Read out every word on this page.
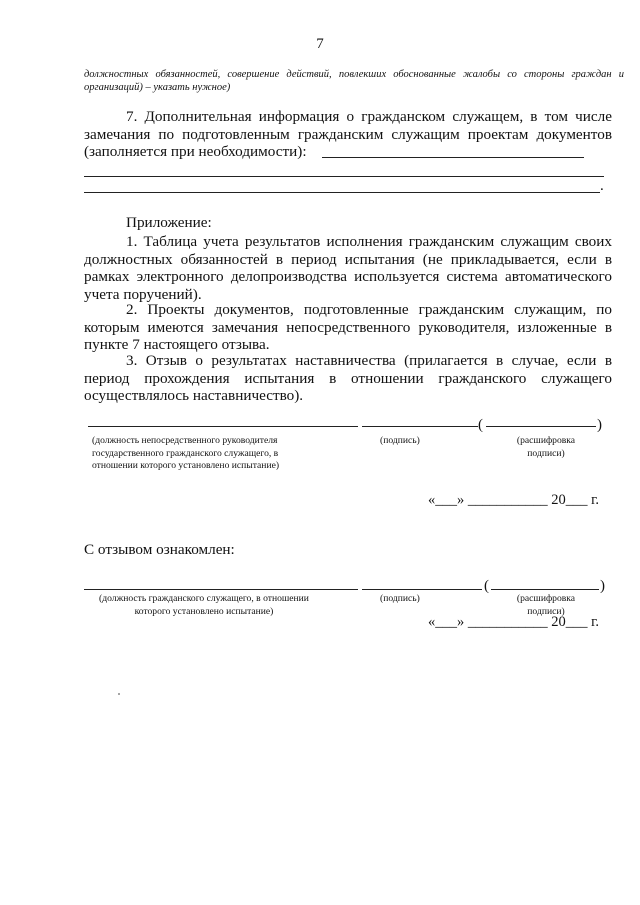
7

должностных обязанностей, совершение действий, повлекших обоснованные жалобы со стороны граждан и организаций) – указать нужное)

7. Дополнительная информация о гражданском служащем, в том числе замечания по подготовленным гражданским служащим проектам документов (заполняется при необходимости):

.

Приложение:

1. Таблица учета результатов исполнения гражданским служащим своих должностных обязанностей в период испытания (не прикладывается, если в рамках электронного делопроизводства используется система автоматического учета поручений).

2. Проекты документов, подготовленные гражданским служащим, по которым имеются замечания непосредственного руководителя, изложенные в пункте 7 настоящего отзыва.

3. Отзыв о результатах наставничества (прилагается в случае, если в период прохождения испытания в отношении гражданского служащего осуществлялось наставничество).

(	)
(должность непосредственного руководителя государственного гражданского служащего, в отношении которого установлено испытание)
(подпись)	(расшифровка подписи)
«___» ___________ 20___ г.

С отзывом ознакомлен:

(	)
(должность гражданского служащего, в отношении которого установлено испытание)
(подпись)	(расшифровка подписи)
«___» ___________ 20___ г.
